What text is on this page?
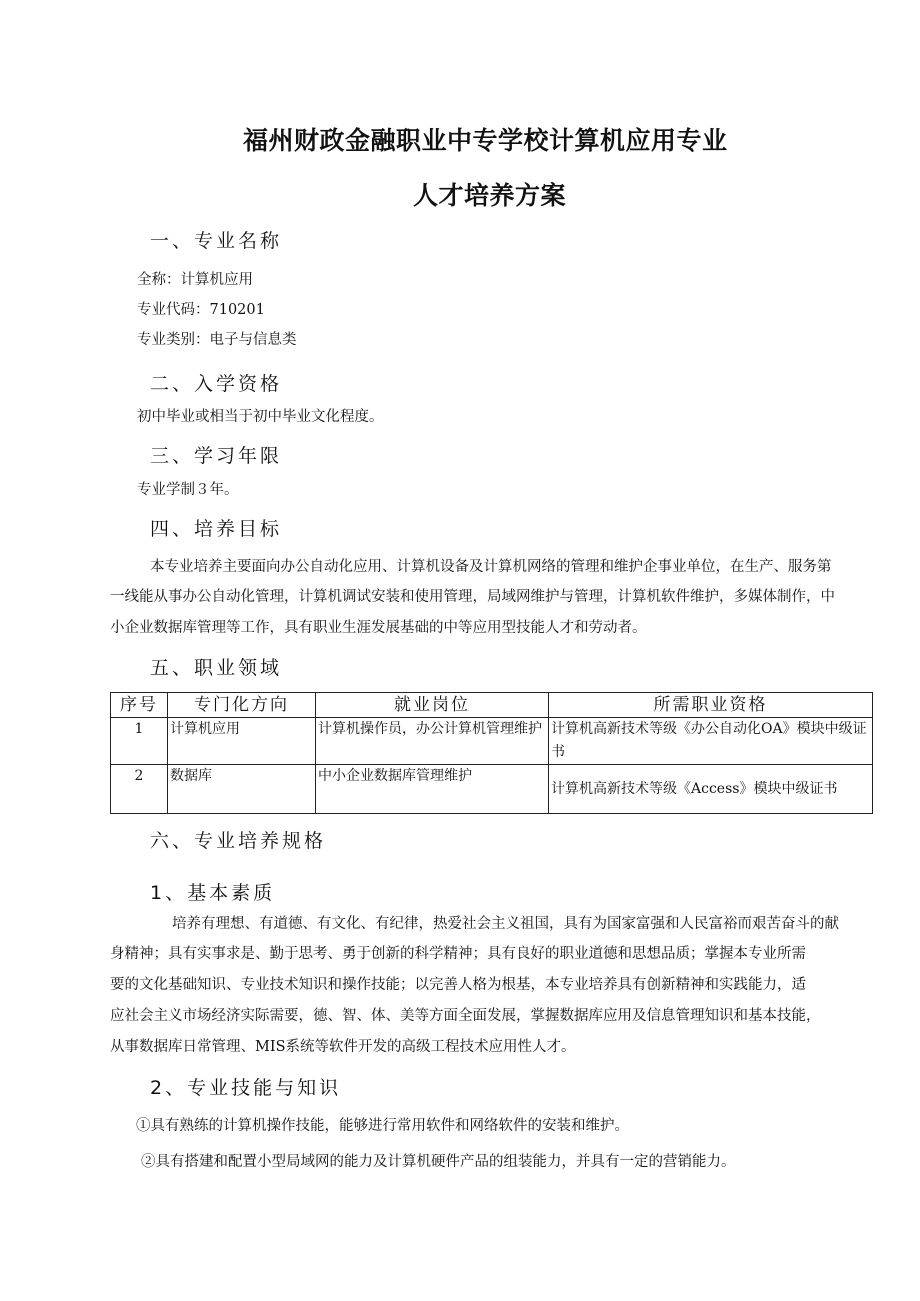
福州财政金融职业中专学校计算机应用专业
人才培养方案
一、专业名称
全称：计算机应用
专业代码：710201
专业类别：电子与信息类
二、入学资格
初中毕业或相当于初中毕业文化程度。
三、学习年限
专业学制３年。
四、培养目标
本专业培养主要面向办公自动化应用、计算机设备及计算机网络的管理和维护企事业单位，在生产、服务第
一线能从事办公自动化管理，计算机调试安装和使用管理，局域网维护与管理，计算机软件维护，多媒体制作，中
小企业数据库管理等工作，具有职业生涯发展基础的中等应用型技能人才和劳动者。
五、职业领域
序号	专门化方向	就业岗位	所需职业资格
1	计算机应用	计算机操作员，办公计算机管理维护	计算机高新技术等级《办公自动化OA》模块中级证书
2	数据库	中小企业数据库管理维护	计算机高新技术等级《Access》模块中级证书
六、专业培养规格
1、基本素质
培养有理想、有道德、有文化、有纪律，热爱社会主义祖国，具有为国家富强和人民富裕而艰苦奋斗的献
身精神；具有实事求是、勤于思考、勇于创新的科学精神；具有良好的职业道德和思想品质；掌握本专业所需
要的文化基础知识、专业技术知识和操作技能；以完善人格为根基，本专业培养具有创新精神和实践能力，适
应社会主义市场经济实际需要，德、智、体、美等方面全面发展，掌握数据库应用及信息管理知识和基本技能，
从事数据库日常管理、MIS系统等软件开发的高级工程技术应用性人才。
2、专业技能与知识
①具有熟练的计算机操作技能，能够进行常用软件和网络软件的安装和维护。
②具有搭建和配置小型局域网的能力及计算机硬件产品的组装能力，并具有一定的营销能力。
